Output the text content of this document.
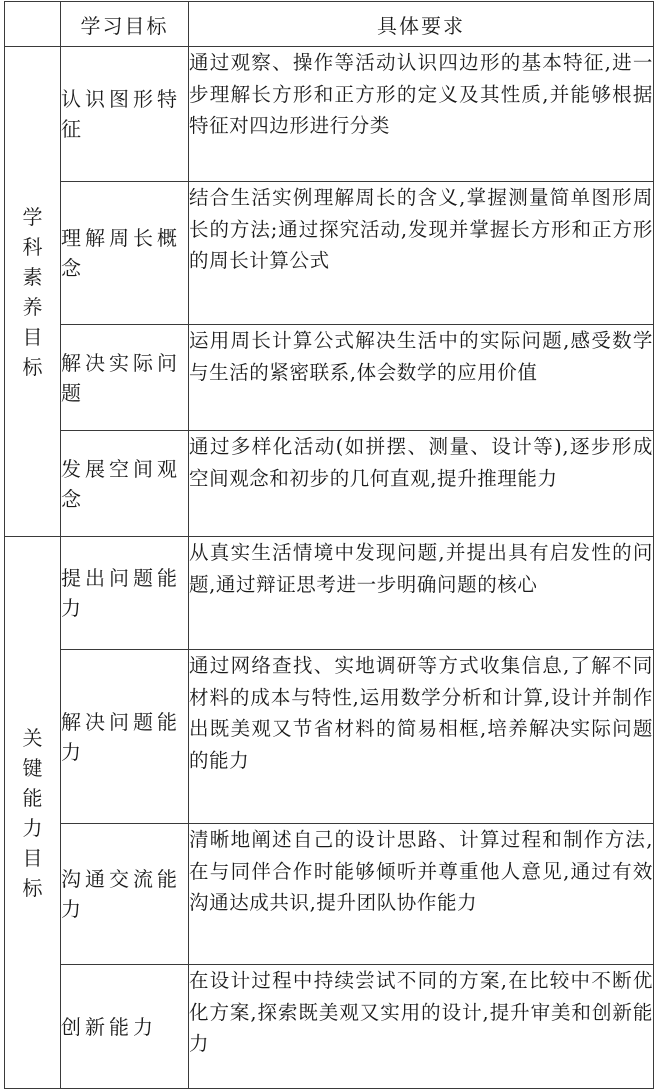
	学习目标	具体要求
学科素养目标	认识图形特征	通过观察、操作等活动认识四边形的基本特征,进一步理解长方形和正方形的定义及其性质,并能够根据特征对四边形进行分类
	理解周长概念	结合生活实例理解周长的含义,掌握测量简单图形周长的方法;通过探究活动,发现并掌握长方形和正方形的周长计算公式
	解决实际问题	运用周长计算公式解决生活中的实际问题,感受数学与生活的紧密联系,体会数学的应用价值
	发展空间观念	通过多样化活动(如拼摆、测量、设计等),逐步形成空间观念和初步的几何直观,提升推理能力
关键能力目标	提出问题能力	从真实生活情境中发现问题,并提出具有启发性的问题,通过辩证思考进一步明确问题的核心
	解决问题能力	通过网络查找、实地调研等方式收集信息,了解不同材料的成本与特性,运用数学分析和计算,设计并制作出既美观又节省材料的简易相框,培养解决实际问题的能力
	沟通交流能力	清晰地阐述自己的设计思路、计算过程和制作方法,在与同伴合作时能够倾听并尊重他人意见,通过有效沟通达成共识,提升团队协作能力
	创新能力	在设计过程中持续尝试不同的方案,在比较中不断优化方案,探索既美观又实用的设计,提升审美和创新能力
